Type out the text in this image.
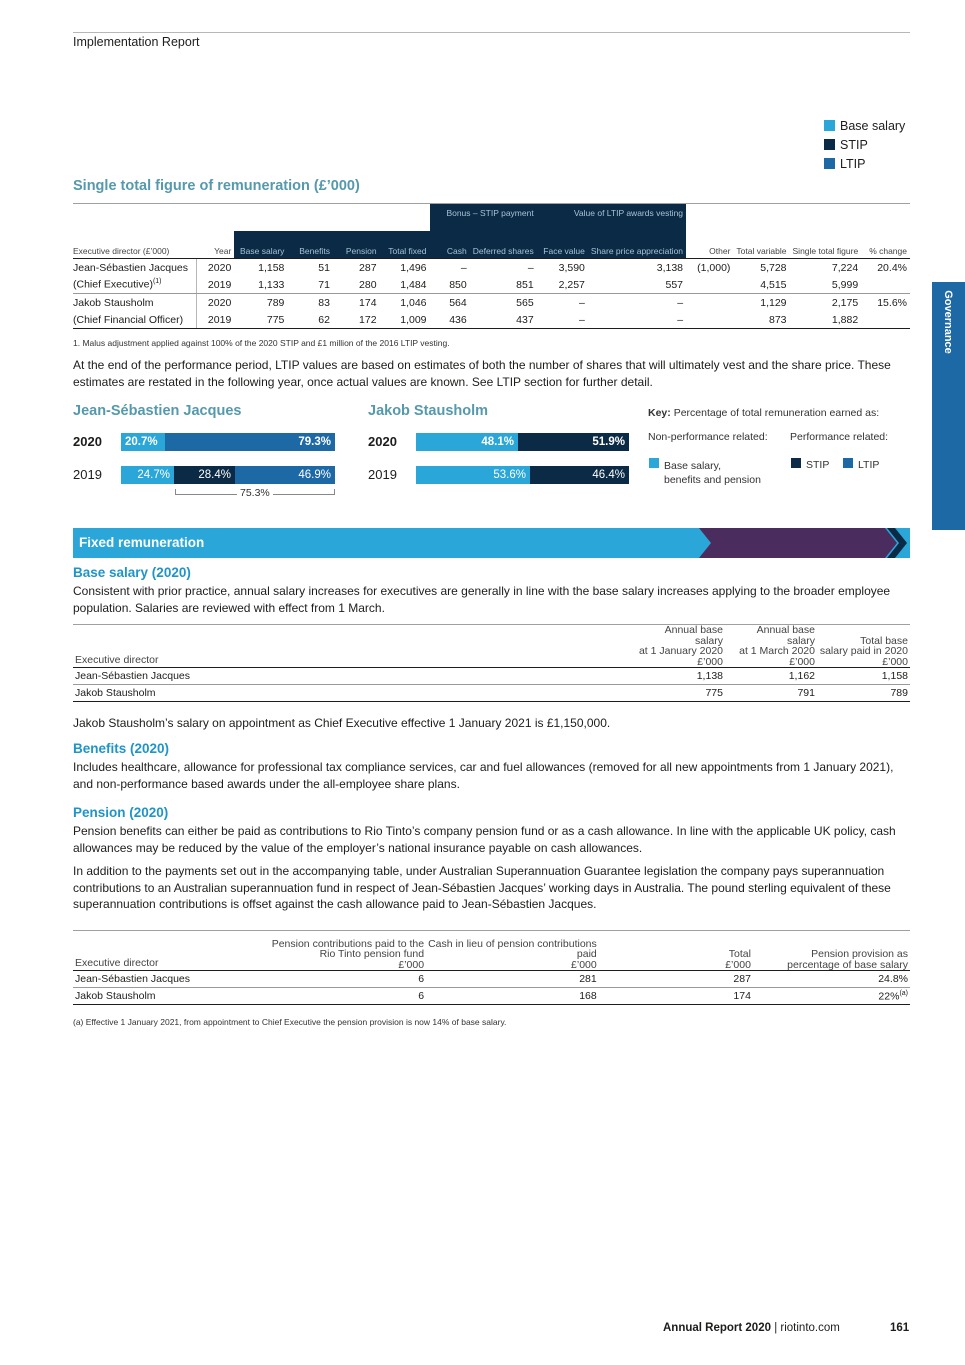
Implementation Report
Base salary
STIP
LTIP
Single total figure of remuneration (£’000)
						Bonus – STIP payment		Value of LTIP awards vesting					
Executive director (£’000)	Year	Base salary	Benefits	Pension	Total fixed	Cash	Deferred shares	Face value	Share price appreciation	Other	Total variable	Single total figure	% change
Jean-Sébastien Jacques	2020	1,158	51	287	1,496	–	–	3,590	3,138	(1,000)	5,728	7,224	20.4%
(Chief Executive)$^{(1)}$	2019	1,133	71	280	1,484	850	851	2,257	557		4,515	5,999	
Jakob Stausholm	2020	789	83	174	1,046	564	565	–	–		1,129	2,175	15.6%
(Chief Financial Officer)	2019	775	62	172	1,009	436	437	–	–		873	1,882	
1. Malus adjustment applied against 100% of the 2020 STIP and £1 million of the 2016 LTIP vesting.
At the end of the performance period, LTIP values are based on estimates of both the number of shares that will ultimately vest and the share price. These estimates are restated in the following year, once actual values are known. See LTIP section for further detail.
Jean-Sébastien Jacques	Jakob Stausholm
2020
2019
2020
2019
20.7%	79.3%
24.7%	28.4%	46.9%
48.1%	51.9%
53.6%	46.4%
75.3%
Key: Percentage of total remuneration earned as:
Non-performance related: Performance related:
Base salary,
benefits and pension
STIP	LTIP
Fixed remuneration
Base salary (2020)
Consistent with prior practice, annual salary increases for executives are generally in line with the base salary increases applying to the broader employee population. Salaries are reviewed with effect from 1 March.
Executive director	Annual base salary
at 1 January 2020
£’000	Annual base salary
at 1 March 2020
£’000	Total base
salary paid in 2020
£’000
Jean-Sébastien Jacques	1,138	1,162	1,158
Jakob Stausholm	775	791	789
Jakob Stausholm’s salary on appointment as Chief Executive effective 1 January 2021 is £1,150,000.
Benefits (2020)
Includes healthcare, allowance for professional tax compliance services, car and fuel allowances (removed for all new appointments from 1 January 2021), and non-performance based awards under the all-employee share plans.
Pension (2020)
Pension benefits can either be paid as contributions to Rio Tinto’s company pension fund or as a cash allowance. In line with the applicable UK policy, cash allowances may be reduced by the value of the employer’s national insurance payable on cash allowances.
In addition to the payments set out in the accompanying table, under Australian Superannuation Guarantee legislation the company pays superannuation contributions to an Australian superannuation fund in respect of Jean-Sébastien Jacques’ working days in Australia. The pound sterling equivalent of these superannuation contributions is offset against the cash allowance paid to Jean-Sébastien Jacques.
Executive director	Pension contributions paid to the
Rio Tinto pension fund
£’000	Cash in lieu of pension contributions
paid
£’000	Total
£’000	Pension provision as
percentage of base salary
Jean-Sébastien Jacques	6	281	287	24.8%
Jakob Stausholm	6	168	174	22%$^{(a)}$
(a) Effective 1 January 2021, from appointment to Chief Executive the pension provision is now 14% of base salary.
Governance
Annual Report 2020 | riotinto.com	161
